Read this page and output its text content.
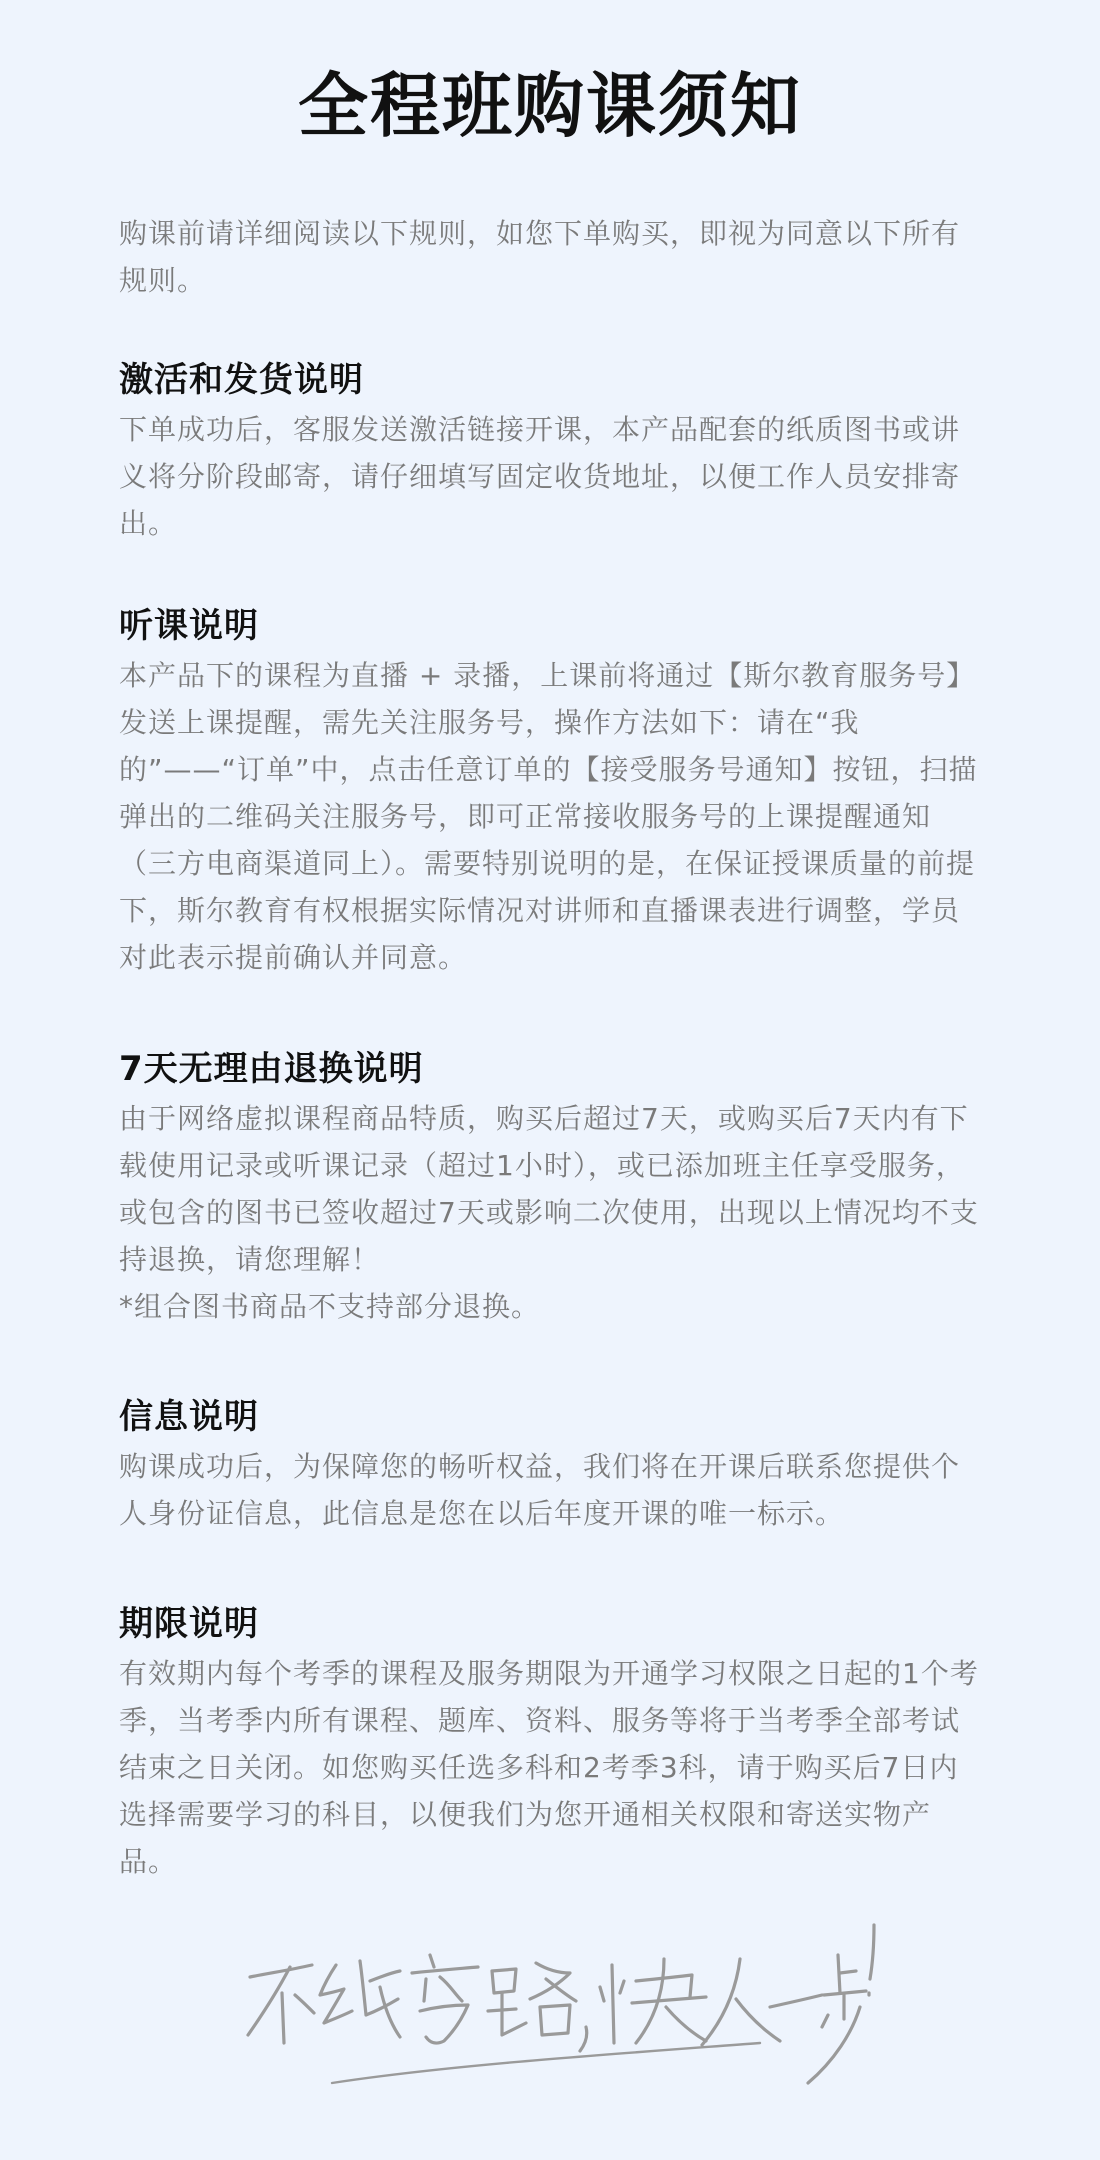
全程班购课须知

购课前请详细阅读以下规则，如您下单购买，即视为同意以下所有规则。

激活和发货说明

下单成功后，客服发送激活链接开课，本产品配套的纸质图书或讲义将分阶段邮寄，请仔细填写固定收货地址，以便工作人员安排寄出。

听课说明

本产品下的课程为直播 + 录播，上课前将通过【斯尔教育服务号】发送上课提醒，需先关注服务号，操作方法如下：请在“我的”——“订单”中，点击任意订单的【接受服务号通知】按钮，扫描弹出的二维码关注服务号，即可正常接收服务号的上课提醒通知（三方电商渠道同上）。需要特别说明的是，在保证授课质量的前提下，斯尔教育有权根据实际情况对讲师和直播课表进行调整，学员对此表示提前确认并同意。

7天无理由退换说明

由于网络虚拟课程商品特质，购买后超过7天，或购买后7天内有下载使用记录或听课记录（超过1小时），或已添加班主任享受服务，或包含的图书已签收超过7天或影响二次使用，出现以上情况均不支持退换，请您理解！

*组合图书商品不支持部分退换。

信息说明

购课成功后，为保障您的畅听权益，我们将在开课后联系您提供个人身份证信息，此信息是您在以后年度开课的唯一标示。

期限说明

有效期内每个考季的课程及服务期限为开通学习权限之日起的1个考季，当考季内所有课程、题库、资料、服务等将于当考季全部考试结束之日关闭。如您购买任选多科和2考季3科，请于购买后7日内选择需要学习的科目，以便我们为您开通相关权限和寄送实物产品。
